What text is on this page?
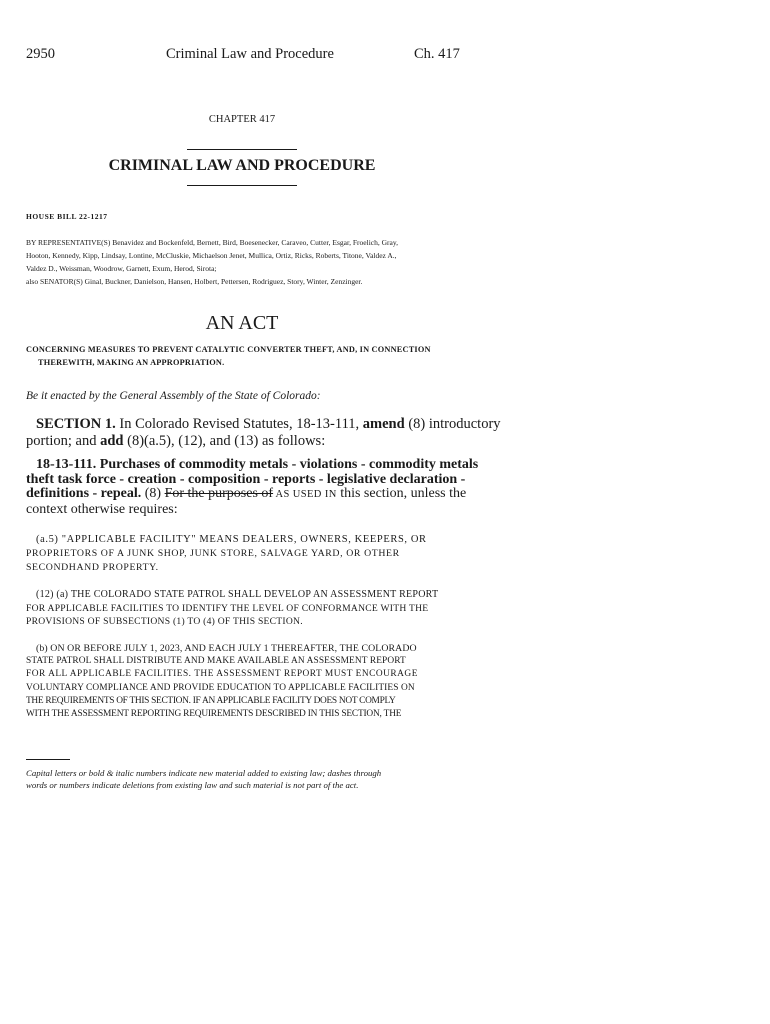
2950	Criminal Law and Procedure	Ch. 417
CHAPTER 417
CRIMINAL LAW AND PROCEDURE
HOUSE BILL 22-1217
BY REPRESENTATIVE(S) Benavidez and Bockenfeld, Bernett, Bird, Boesenecker, Caraveo, Cutter, Esgar, Froelich, Gray,
Hooton, Kennedy, Kipp, Lindsay, Lontine, McCluskie, Michaelson Jenet, Mullica, Ortiz, Ricks, Roberts, Titone, Valdez A.,
Valdez D., Weissman, Woodrow, Garnett, Exum, Herod, Sirota;
also SENATOR(S) Ginal, Buckner, Danielson, Hansen, Holbert, Pettersen, Rodriguez, Story, Winter, Zenzinger.
AN ACT
CONCERNING MEASURES TO PREVENT CATALYTIC CONVERTER THEFT, AND, IN CONNECTION
THEREWITH, MAKING AN APPROPRIATION.
Be it enacted by the General Assembly of the State of Colorado:
SECTION 1. In Colorado Revised Statutes, 18-13-111, amend (8) introductory
portion; and add (8)(a.5), (12), and (13) as follows:
18-13-111. Purchases of commodity metals - violations - commodity metals
theft task force - creation - composition - reports - legislative declaration -
definitions - repeal. (8) For the purposes of AS USED IN this section, unless the
context otherwise requires:
(a.5) "APPLICABLE FACILITY" MEANS DEALERS, OWNERS, KEEPERS, OR
PROPRIETORS OF A JUNK SHOP, JUNK STORE, SALVAGE YARD, OR OTHER
SECONDHAND PROPERTY.
(12) (a) THE COLORADO STATE PATROL SHALL DEVELOP AN ASSESSMENT REPORT
FOR APPLICABLE FACILITIES TO IDENTIFY THE LEVEL OF CONFORMANCE WITH THE
PROVISIONS OF SUBSECTIONS (1) TO (4) OF THIS SECTION.
(b) ON OR BEFORE JULY 1, 2023, AND EACH JULY 1 THEREAFTER, THE COLORADO
STATE PATROL SHALL DISTRIBUTE AND MAKE AVAILABLE AN ASSESSMENT REPORT
FOR ALL APPLICABLE FACILITIES. THE ASSESSMENT REPORT MUST ENCOURAGE
VOLUNTARY COMPLIANCE AND PROVIDE EDUCATION TO APPLICABLE FACILITIES ON
THE REQUIREMENTS OF THIS SECTION. IF AN APPLICABLE FACILITY DOES NOT COMPLY
WITH THE ASSESSMENT REPORTING REQUIREMENTS DESCRIBED IN THIS SECTION, THE
Capital letters or bold & italic numbers indicate new material added to existing law; dashes through
words or numbers indicate deletions from existing law and such material is not part of the act.
